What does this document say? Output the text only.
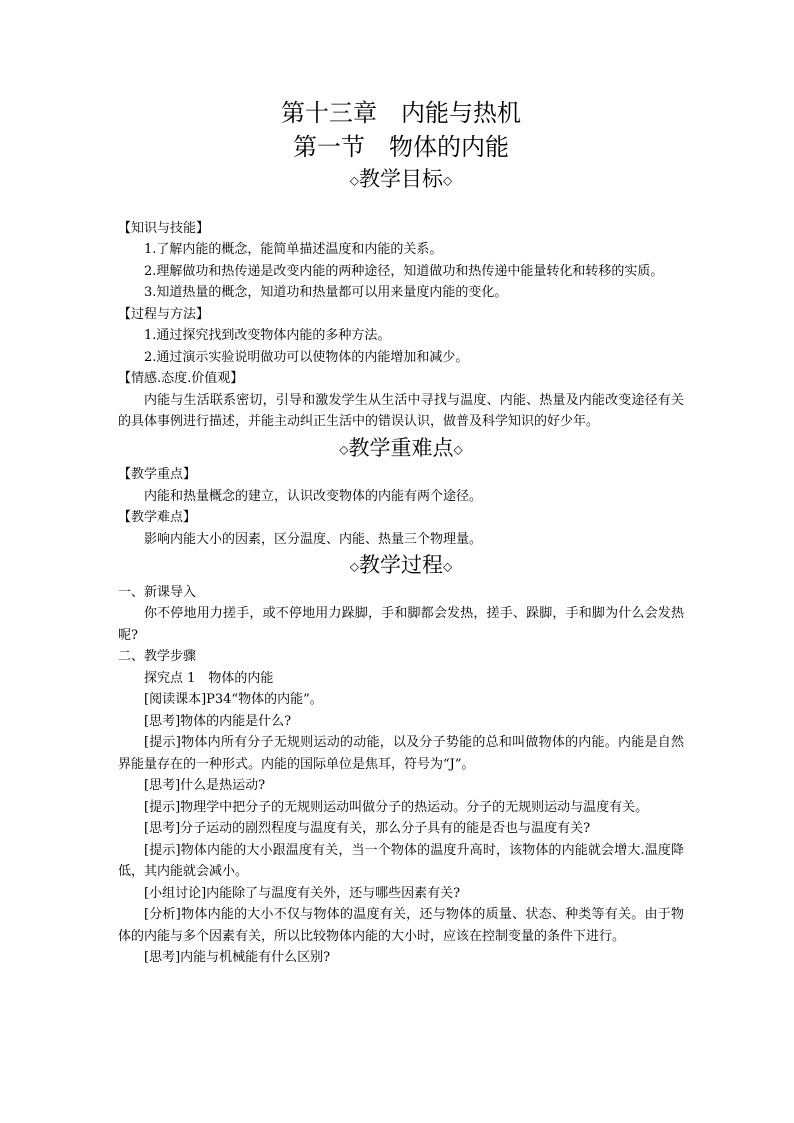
第十三章　内能与热机
第一节　物体的内能
◇教学目标◇

【知识与技能】

1.了解内能的概念，能简单描述温度和内能的关系。

2.理解做功和热传递是改变内能的两种途径，知道做功和热传递中能量转化和转移的实质。

3.知道热量的概念，知道功和热量都可以用来量度内能的变化。

【过程与方法】

1.通过探究找到改变物体内能的多种方法。

2.通过演示实验说明做功可以使物体的内能增加和减少。

【情感.态度.价值观】

内能与生活联系密切，引导和激发学生从生活中寻找与温度、内能、热量及内能改变途径有关的具体事例进行描述，并能主动纠正生活中的错误认识，做普及科学知识的好少年。

◇教学重难点◇

【教学重点】

内能和热量概念的建立，认识改变物体的内能有两个途径。

【教学难点】

影响内能大小的因素，区分温度、内能、热量三个物理量。

◇教学过程◇

一、新课导入

你不停地用力搓手，或不停地用力跺脚，手和脚都会发热，搓手、跺脚，手和脚为什么会发热呢?

二、教学步骤

探究点 1　物体的内能

[阅读课本]P34“物体的内能”。

[思考]物体的内能是什么?

[提示]物体内所有分子无规则运动的动能，以及分子势能的总和叫做物体的内能。内能是自然界能量存在的一种形式。内能的国际单位是焦耳，符号为“J”。

[思考]什么是热运动?

[提示]物理学中把分子的无规则运动叫做分子的热运动。分子的无规则运动与温度有关。

[思考]分子运动的剧烈程度与温度有关，那么分子具有的能是否也与温度有关?

[提示]物体内能的大小跟温度有关，当一个物体的温度升高时，该物体的内能就会增大.温度降低，其内能就会减小。

[小组讨论]内能除了与温度有关外，还与哪些因素有关?

[分析]物体内能的大小不仅与物体的温度有关，还与物体的质量、状态、种类等有关。由于物体的内能与多个因素有关，所以比较物体内能的大小时，应该在控制变量的条件下进行。

[思考]内能与机械能有什么区别?
